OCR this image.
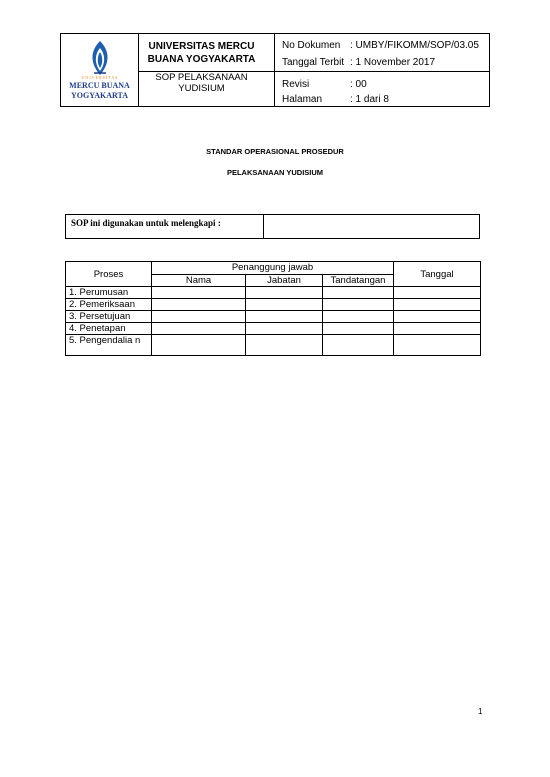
UNIVERSITAS
MERCU BUANA
YOGYAKARTA
UNIVERSITAS MERCU BUANA YOGYAKARTA
SOP PELAKSANAAN YUDISIUM
No Dokumen : UMBY/FIKOMM/SOP/03.05
Tanggal Terbit : 1 November 2017
Revisi	: 00
Halaman	: 1 dari 8
STANDAR OPERASIONAL PROSEDUR
PELAKSANAAN YUDISIUM
SOP ini digunakan untuk melengkapi :
Proses	Penanggung jawab			Tanggal
	Nama	Jabatan	Tandatangan	
1. Perumusan				
2. Pemeriksaan				
3. Persetujuan				
4. Penetapan				
5. Pengendalia n				
1
